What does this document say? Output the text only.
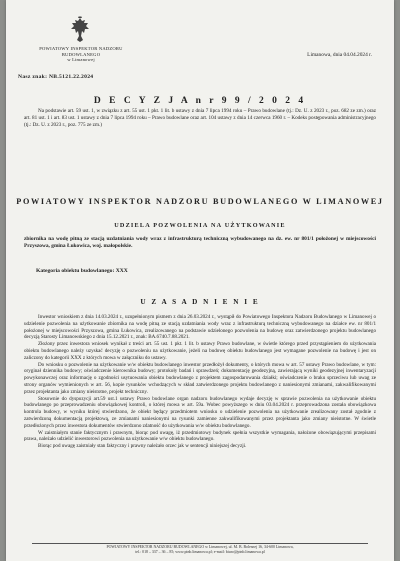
POWIATOWY INSPEKTOR NADZORU BUDOWLANEGO
w Limanowej
Limanowa, dnia 04.04.2024 r.
Nasz znak: NB.5121.22.2024
D E C Y Z J A n r 9 9 / 2 0 2 4

Na podstawie art. 59 ust. 1, w związku z art. 55 ust. 1 pkt. 1 lit. b ustawy z dnia 7 lipca 1994 roku – Prawo budowlane (tj.: Dz. U. z 2023 r., poz. 682 ze zm.) oraz art. 81 ust. 1 i art. 83 ust. 1 ustawy z dnia 7 lipca 1994 roku – Prawo budowlane oraz art. 104 ustawy z dnia 14 czerwca 1960 r. – Kodeks postępowania administracyjnego (tj.: Dz. U. z 2023 r., poz. 775 ze zm.)

POWIATOWY INSPEKTOR NADZORU BUDOWLANEGO W LIMANOWEJ
UDZIELA POZWOLENIA NA UŻYTKOWANIE
zbiornika na wodę pitną ze stacją uzdatniania wody wraz z infrastrukturą techniczną wybudowanego na dz. ew. nr 801/1 położonej w miejscowości Przyszowa, gmina Łukowica, woj. małopolskie.
Kategoria obiektu budowlanego: XXX
U Z A S A D N I E N I E

Inwestor wnioskiem z dnia 14.03.2024 r., uzupełnionym pismem z dnia 26.03.2024 r., wystąpił do Powiatowego Inspektora Nadzoru Budowlanego w Limanowej o udzielenie pozwolenia na użytkowanie zbiornika na wodę pitną ze stacją uzdatniania wody wraz z infrastrukturą techniczną wybudowanego na działce ew. nr 801/1 położonej w miejscowości Przyszowa, gmina Łukowica, zrealizowanego na podstawie udzielonego pozwolenia na budowę oraz zatwierdzonego projektu budowlanego decyzją Starosty Limanowskiego z dnia 15.12.2021 r., znak: BA.6740.7.88.2021.

Złożony przez inwestora wniosek wynikał z treści art. 55 ust. 1 pkt. 1 lit. b ustawy Prawo budowlane, w świetle którego przed przystąpieniem do użytkowania obiektu budowlanego należy uzyskać decyzję o pozwoleniu na użytkowanie, jeżeli na budowę obiektu budowlanego jest wymagane pozwolenie na budowę i jest on zaliczony do kategorii XXX z których mowa w załączniku do ustawy.

Do wniosku o pozwolenie na użytkowanie w/w obiektu budowlanego inwestor przedłożył dokumenty, o których mowa w art. 57 ustawy Prawo budowlane, w tym: oryginał dziennika budowy; oświadczenie kierownika budowy; protokoły badań i sprawdzeń; dokumentację geodezyjną, zawierającą wyniki geodezyjnej inwentaryzacji powykonawczej oraz informację o zgodności usytuowania obiektu budowlanego z projektem zagospodarowania działki; oświadczenie o braku sprzeciwu lub uwag ze strony organów wymienionych w art. 56, kopie rysunków wchodzących w skład zatwierdzonego projektu budowlanego z naniesionymi zmianami, zakwalifikowanymi przez projektanta jako zmiany nieistotne, projekt techniczny.

Stosownie do dyspozycji art.59 ust.1 ustawy Prawo budowlane organ nadzoru budowlanego wydaje decyzję w sprawie pozwolenia na użytkowanie obiektu budowlanego po przeprowadzeniu obowiązkowej kontroli, o której mowa w art. 59a. Wobec powyższego w dniu 03.04.2024 r. przeprowadzona została obowiązkowa kontrola budowy, w wyniku której stwierdzono, że obiekt będący przedmiotem wniosku o udzielenie pozwolenia na użytkowanie zrealizowany został zgodnie z zatwierdzoną dokumentacją projektową, ze zmianami naniesionymi na rysunki zamienne zakwalifikowanymi przez projektanta jako zmiany nieistotne. W świetle przedłożonych przez inwestora dokumentów stwierdzono zdatność do użytkowania w/w obiektu budowlanego.

W zaistniałym stanie faktycznym i prawnym, biorąc pod uwagę, iż przedmiotowy budynek spełnia wszystkie wymagania, nałożone obowiązującymi przepisami prawa, należało udzielić inwestorowi pozwolenia na użytkowanie w/w obiektu budowlanego.

Biorąc pod uwagę zaistniały stan faktyczny i prawny należało orzec jak w sentencji niniejszej decyzji.

POWIATOWY INSPEKTOR NADZORU BUDOWLANEGO w Limanowej, ul. M. B. Bolesnej 16, 34-600 Limanowa,
tel.: 018 – 337 – 36 – 85; www.pinb.limanowa.pl; e-mail: biuro@pinb.limanowa.pl
